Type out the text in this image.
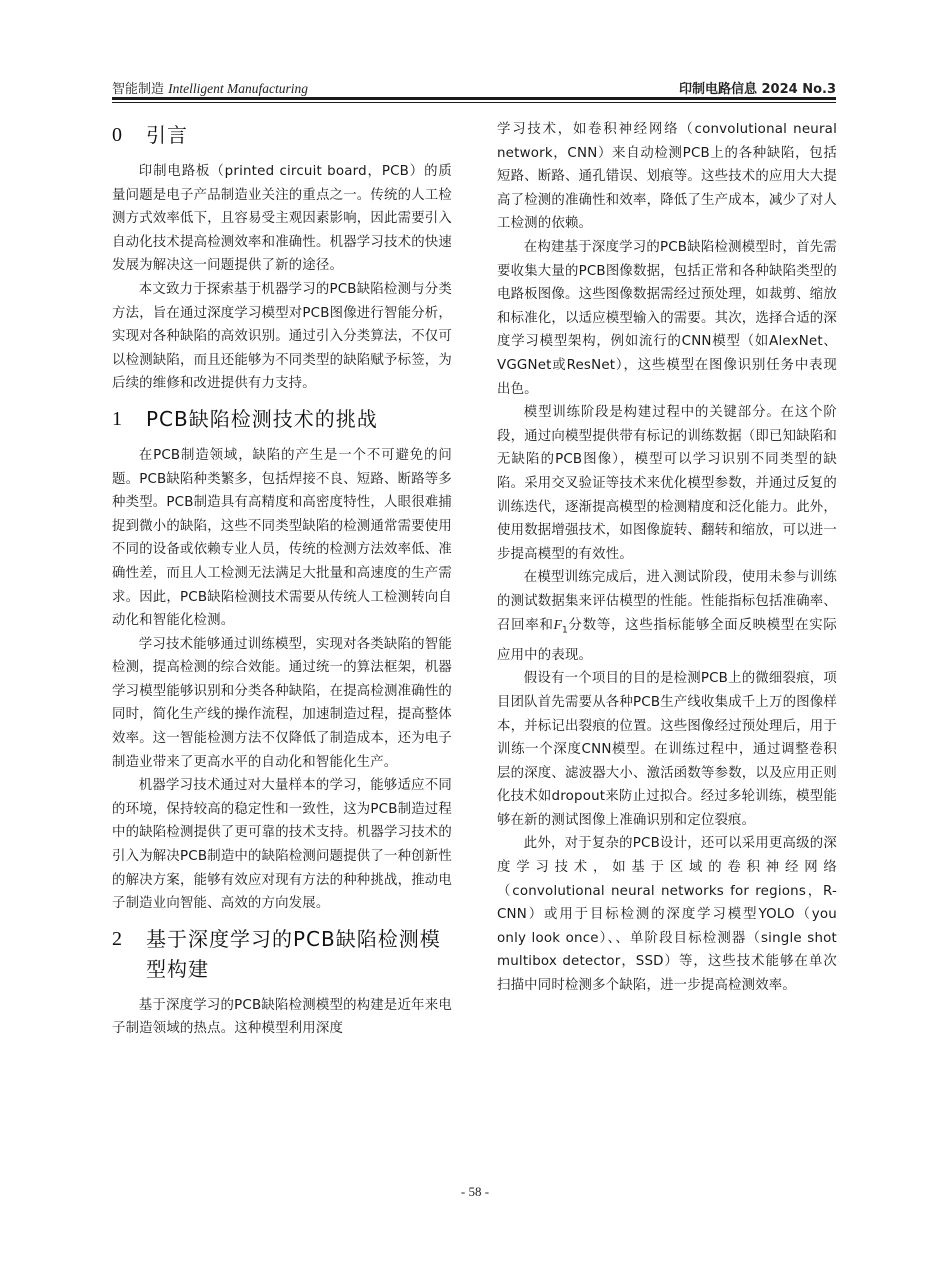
智能制造 Intelligent Manufacturing	印制电路信息 2024 No.3
0	引言

印制电路板（printed circuit board，PCB）的质量问题是电子产品制造业关注的重点之一。传统的人工检测方式效率低下，且容易受主观因素影响，因此需要引入自动化技术提高检测效率和准确性。机器学习技术的快速发展为解决这一问题提供了新的途径。

本文致力于探索基于机器学习的PCB缺陷检测与分类方法，旨在通过深度学习模型对PCB图像进行智能分析，实现对各种缺陷的高效识别。通过引入分类算法，不仅可以检测缺陷，而且还能够为不同类型的缺陷赋予标签，为后续的维修和改进提供有力支持。

1	PCB缺陷检测技术的挑战

在PCB制造领域，缺陷的产生是一个不可避免的问题。PCB缺陷种类繁多，包括焊接不良、短路、断路等多种类型。PCB制造具有高精度和高密度特性，人眼很难捕捉到微小的缺陷，这些不同类型缺陷的检测通常需要使用不同的设备或依赖专业人员，传统的检测方法效率低、准确性差，而且人工检测无法满足大批量和高速度的生产需求。因此，PCB缺陷检测技术需要从传统人工检测转向自动化和智能化检测。

学习技术能够通过训练模型，实现对各类缺陷的智能检测，提高检测的综合效能。通过统一的算法框架，机器学习模型能够识别和分类各种缺陷，在提高检测准确性的同时，简化生产线的操作流程，加速制造过程，提高整体效率。这一智能检测方法不仅降低了制造成本，还为电子制造业带来了更高水平的自动化和智能化生产。

机器学习技术通过对大量样本的学习，能够适应不同的环境，保持较高的稳定性和一致性，这为PCB制造过程中的缺陷检测提供了更可靠的技术支持。机器学习技术的引入为解决PCB制造中的缺陷检测问题提供了一种创新性的解决方案，能够有效应对现有方法的种种挑战，推动电子制造业向智能、高效的方向发展。

2	基于深度学习的PCB缺陷检测模型构建

基于深度学习的PCB缺陷检测模型的构建是近年来电子制造领域的热点。这种模型利用深度

学习技术，如卷积神经网络（convolutional neural network，CNN）来自动检测PCB上的各种缺陷，包括短路、断路、通孔错误、划痕等。这些技术的应用大大提高了检测的准确性和效率，降低了生产成本，减少了对人工检测的依赖。

在构建基于深度学习的PCB缺陷检测模型时，首先需要收集大量的PCB图像数据，包括正常和各种缺陷类型的电路板图像。这些图像数据需经过预处理，如裁剪、缩放和标准化，以适应模型输入的需要。其次，选择合适的深度学习模型架构，例如流行的CNN模型（如AlexNet、VGGNet或ResNet），这些模型在图像识别任务中表现出色。

模型训练阶段是构建过程中的关键部分。在这个阶段，通过向模型提供带有标记的训练数据（即已知缺陷和无缺陷的PCB图像），模型可以学习识别不同类型的缺陷。采用交叉验证等技术来优化模型参数，并通过反复的训练迭代，逐渐提高模型的检测精度和泛化能力。此外，使用数据增强技术，如图像旋转、翻转和缩放，可以进一步提高模型的有效性。

在模型训练完成后，进入测试阶段，使用未参与训练的测试数据集来评估模型的性能。性能指标包括准确率、召回率和$F_1$分数等，这些指标能够全面反映模型在实际应用中的表现。

假设有一个项目的目的是检测PCB上的微细裂痕，项目团队首先需要从各种PCB生产线收集成千上万的图像样本，并标记出裂痕的位置。这些图像经过预处理后，用于训练一个深度CNN模型。在训练过程中，通过调整卷积层的深度、滤波器大小、激活函数等参数，以及应用正则化技术如dropout来防止过拟合。经过多轮训练，模型能够在新的测试图像上准确识别和定位裂痕。

此外，对于复杂的PCB设计，还可以采用更高级的深度学习技术，如基于区域的卷积神经网络（convolutional neural networks for regions，R-CNN）或用于目标检测的深度学习模型YOLO（you only look once）、、单阶段目标检测器（single shot multibox detector，SSD）等，这些技术能够在单次扫描中同时检测多个缺陷，进一步提高检测效率。

- 58 -
